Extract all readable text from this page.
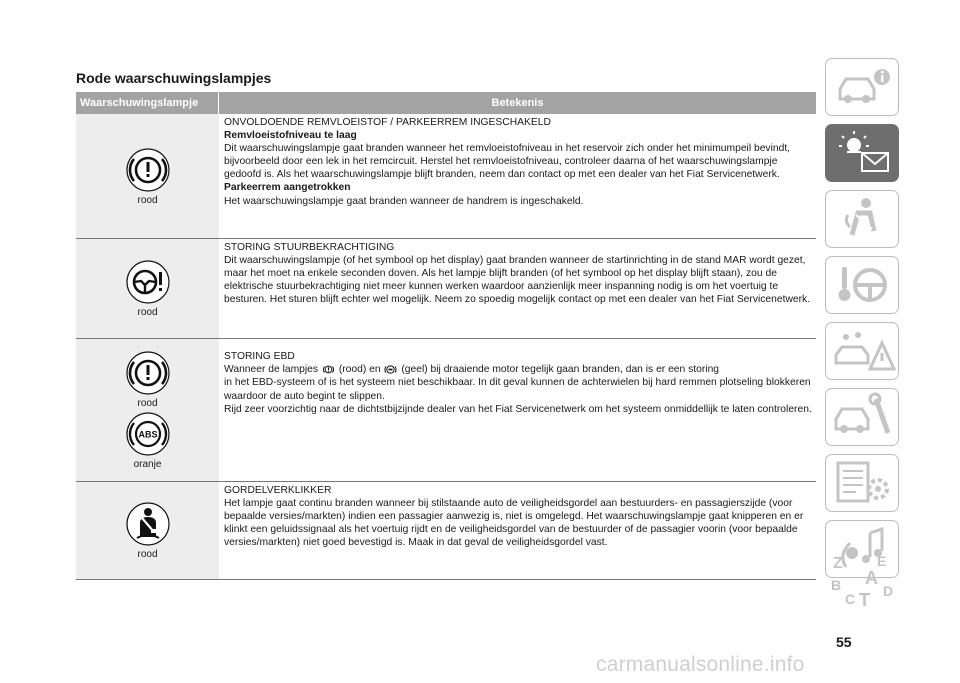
Rode waarschuwingslampjes
Waarschuwingslampje	Betekenis
rood
ONVOLDOENDE REMVLOEISTOF / PARKEERREM INGESCHAKELD
Remvloeistofniveau te laag
Dit waarschuwingslampje gaat branden wanneer het remvloeistofniveau in het reservoir zich onder het minimumpeil bevindt, bijvoorbeeld door een lek in het remcircuit. Herstel het remvloeistofniveau, controleer daarna of het waarschuwingslampje gedoofd is. Als het waarschuwingslampje blijft branden, neem dan contact op met een dealer van het Fiat Servicenetwerk.
Parkeerrem aangetrokken
Het waarschuwingslampje gaat branden wanneer de handrem is ingeschakeld.
rood
STORING STUURBEKRACHTIGING
Dit waarschuwingslampje (of het symbool op het display) gaat branden wanneer de startinrichting in de stand MAR wordt gezet, maar het moet na enkele seconden doven. Als het lampje blijft branden (of het symbool op het display blijft staan), zou de elektrische stuurbekrachtiging niet meer kunnen werken waardoor aanzienlijk meer inspanning nodig is om het voertuig te besturen. Het sturen blijft echter wel mogelijk. Neem zo spoedig mogelijk contact op met een dealer van het Fiat Servicenetwerk.
rood
ABS
oranje
STORING EBD
Wanneer de lampjes (rood) en (geel) bij draaiende motor tegelijk gaan branden, dan is er een storing
in het EBD-systeem of is het systeem niet beschikbaar. In dit geval kunnen de achterwielen bij hard remmen plotseling blokkeren waardoor de auto begint te slippen.
Rijd zeer voorzichtig naar de dichtstbijzijnde dealer van het Fiat Servicenetwerk om het systeem onmiddellijk te laten controleren.
rood
GORDELVERKLIKKER
Het lampje gaat continu branden wanneer bij stilstaande auto de veiligheidsgordel aan bestuurders- en passagierszijde (voor bepaalde versies/markten) indien een passagier aanwezig is, niet is omgelegd. Het waarschuwingslampje gaat knipperen en er klinkt een geluidssignaal als het voertuig rijdt en de veiligheidsgordel van de bestuurder of de passagier voorin (voor bepaalde versies/markten) niet goed bevestigd is. Maak in dat geval de veiligheidsgordel vast.
Z E
A
B
C T D
55
carmanualsonline.info
